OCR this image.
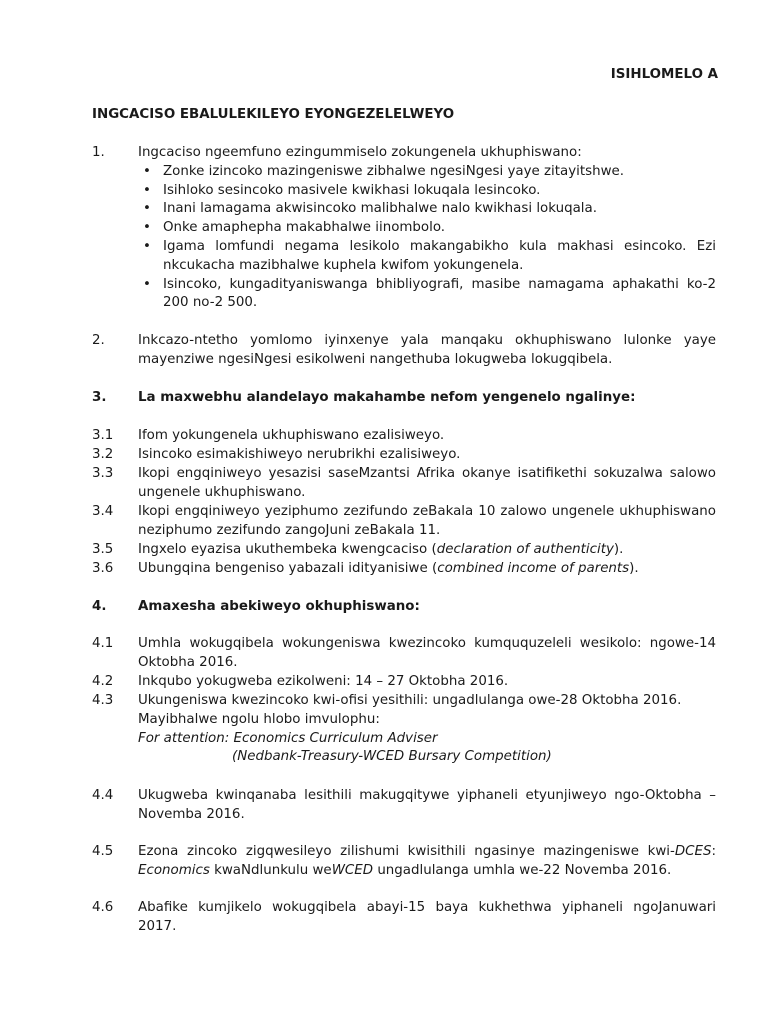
ISIHLOMELO A
INGCACISO EBALULEKILEYO EYONGEZELELWEYO
1. Ingcaciso ngeemfuno ezingummiselo zokungenela ukhuphiswano:
• Zonke izincoko mazingeniswe zibhalwe ngesiNgesi yaye zitayitshwe.
• Isihloko sesincoko masivele kwikhasi lokuqala lesincoko.
• Inani lamagama akwisincoko malibhalwe nalo kwikhasi lokuqala.
• Onke amaphepha makabhalwe iinombolo.
• Igama lomfundi negama lesikolo makangabikho kula makhasi esincoko. Ezi nkcukacha mazibhalwe kuphela kwifom yokungenela.
• Isincoko, kungadityaniswanga bhibliyografi, masibe namagama aphakathi ko-2 200 no-2 500.
2. Inkcazo-ntetho yomlomo iyinxenye yala manqaku okhuphiswano lulonke yaye mayenziwe ngesiNgesi esikolweni nangethuba lokugweba lokugqibela.
3. La maxwebhu alandelayo makahambe nefom yengenelo ngalinye:
3.1 Ifom yokungenela ukhuphiswano ezalisiweyo.
3.2 Isincoko esimakishiweyo nerubrikhi ezalisiweyo.
3.3 Ikopi engqiniweyo yesazisi saseMzantsi Afrika okanye isatifikethi sokuzalwa salowo ungenele ukhuphiswano.
3.4 Ikopi engqiniweyo yeziphumo zezifundo zeBakala 10 zalowo ungenele ukhuphiswano neziphumo zezifundo zangoJuni zeBakala 11.
3.5 Ingxelo eyazisa ukuthembeka kwengcaciso (declaration of authenticity).
3.6 Ubungqina bengeniso yabazali idityanisiwe (combined income of parents).
4. Amaxesha abekiweyo okhuphiswano:
4.1 Umhla wokugqibela wokungeniswa kwezincoko kumququzeleli wesikolo: ngowe-14 Oktobha 2016.
4.2 Inkqubo yokugweba ezikolweni: 14 – 27 Oktobha 2016.
4.3 Ukungeniswa kwezincoko kwi-ofisi yesithili: ungadlulanga owe-28 Oktobha 2016.
Mayibhalwe ngolu hlobo imvulophu:
For attention: Economics Curriculum Adviser
(Nedbank-Treasury-WCED Bursary Competition)
4.4 Ukugweba kwinqanaba lesithili makugqitywe yiphaneli etyunjiweyo ngo-Oktobha – Novemba 2016.
4.5 Ezona zincoko zigqwesileyo zilishumi kwisithili ngasinye mazingeniswe kwi-DCES: Economics kwaNdlunkulu weWCED ungadlulanga umhla we-22 Novemba 2016.
4.6 Abafike kumjikelo wokugqibela abayi-15 baya kukhethwa yiphaneli ngoJanuwari 2017.
